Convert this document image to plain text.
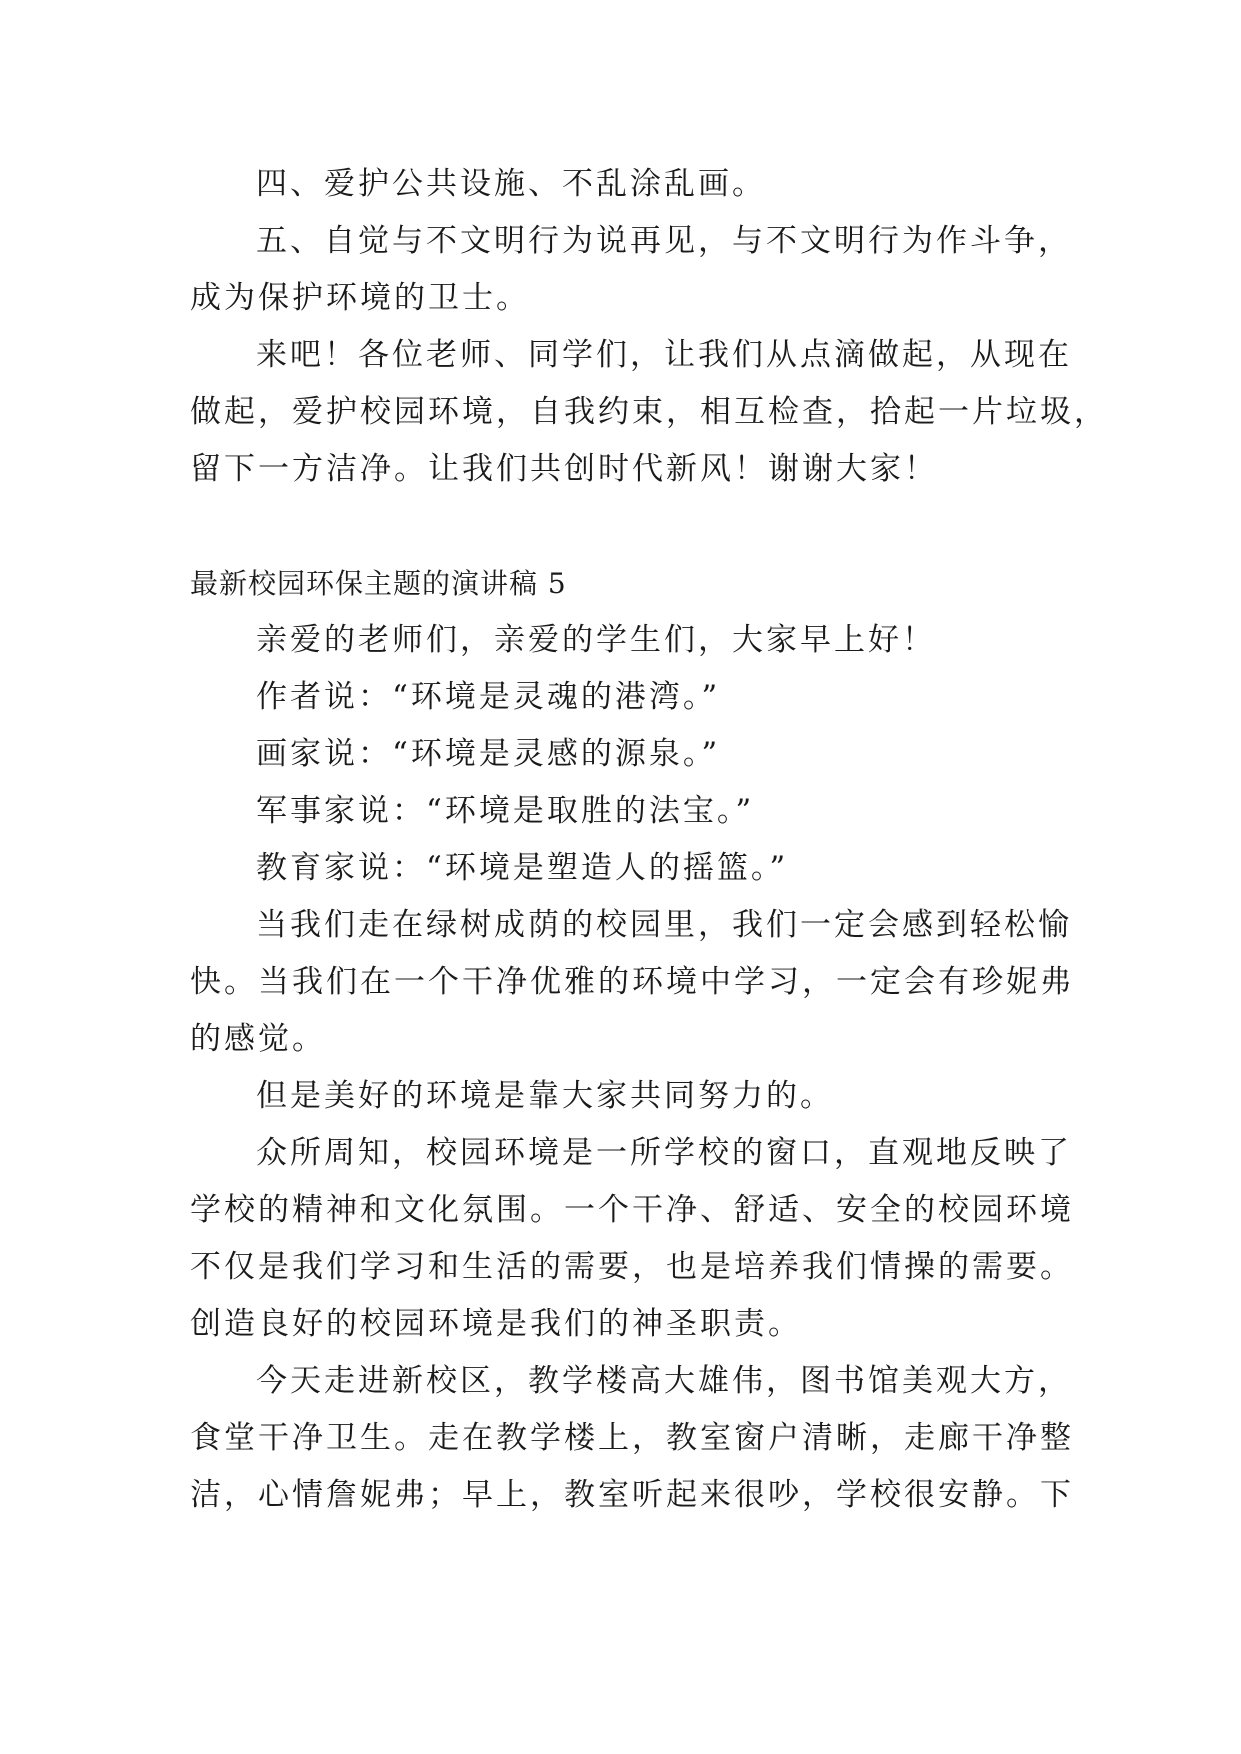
四、爱护公共设施、不乱涂乱画。

五、自觉与不文明行为说再见，与不文明行为作斗争，

成为保护环境的卫士。

来吧！各位老师、同学们，让我们从点滴做起，从现在

做起，爱护校园环境，自我约束，相互检查，拾起一片垃圾，

留下一方洁净。让我们共创时代新风！谢谢大家！

最新校园环保主题的演讲稿 5

亲爱的老师们，亲爱的学生们，大家早上好！

作者说：“环境是灵魂的港湾。”

画家说：“环境是灵感的源泉。”

军事家说：“环境是取胜的法宝。”

教育家说：“环境是塑造人的摇篮。”

当我们走在绿树成荫的校园里，我们一定会感到轻松愉

快。当我们在一个干净优雅的环境中学习，一定会有珍妮弗

的感觉。

但是美好的环境是靠大家共同努力的。

众所周知，校园环境是一所学校的窗口，直观地反映了

学校的精神和文化氛围。一个干净、舒适、安全的校园环境

不仅是我们学习和生活的需要，也是培养我们情操的需要。

创造良好的校园环境是我们的神圣职责。

今天走进新校区，教学楼高大雄伟，图书馆美观大方，

食堂干净卫生。走在教学楼上，教室窗户清晰，走廊干净整

洁，心情詹妮弗；早上，教室听起来很吵，学校很安静。下
